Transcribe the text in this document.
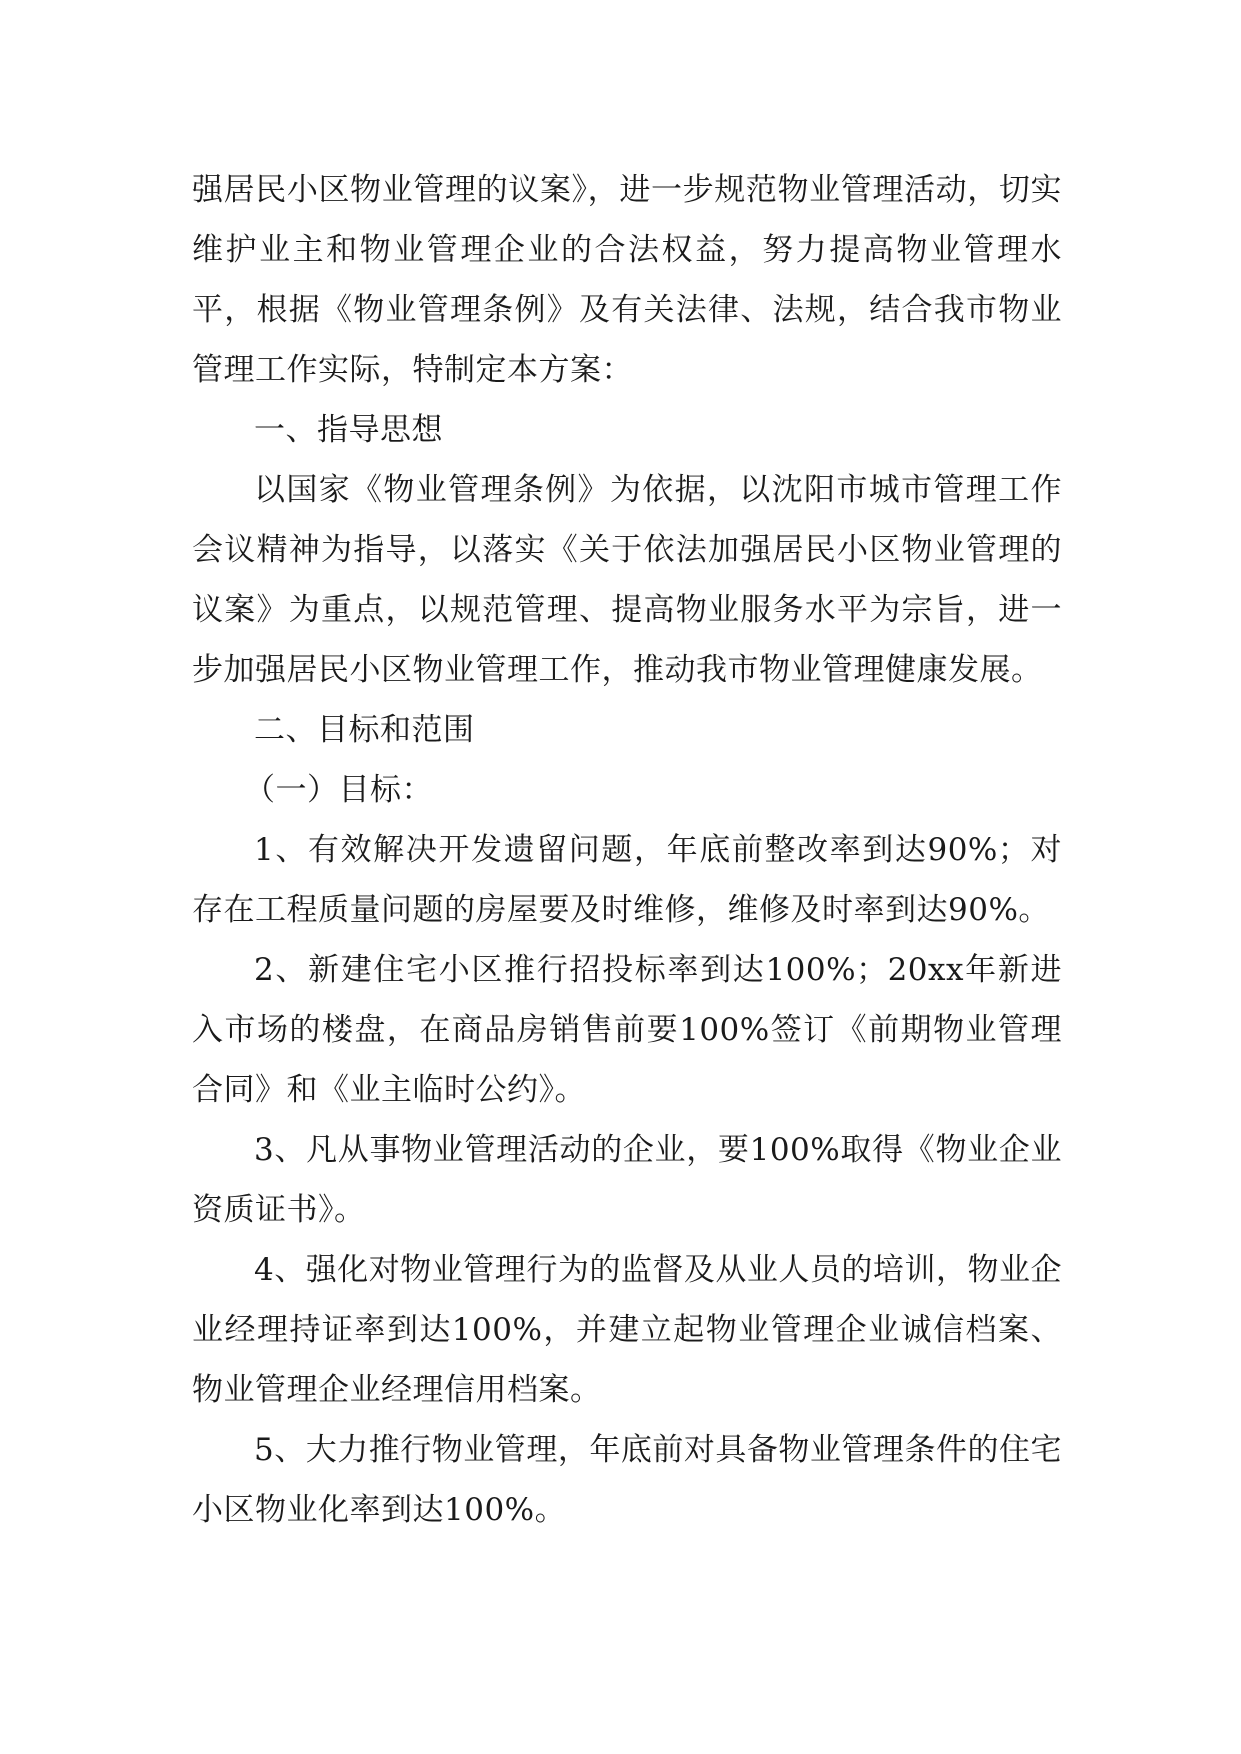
强居民小区物业管理的议案》，进一步规范物业管理活动，切实维护业主和物业管理企业的合法权益，努力提高物业管理水平，根据《物业管理条例》及有关法律、法规，结合我市物业管理工作实际，特制定本方案：

一、指导思想

以国家《物业管理条例》为依据，以沈阳市城市管理工作会议精神为指导，以落实《关于依法加强居民小区物业管理的议案》为重点，以规范管理、提高物业服务水平为宗旨，进一步加强居民小区物业管理工作，推动我市物业管理健康发展。

二、目标和范围

（一）目标：

1、有效解决开发遗留问题，年底前整改率到达90%；对存在工程质量问题的房屋要及时维修，维修及时率到达90%。

2、新建住宅小区推行招投标率到达100%；20xx年新进入市场的楼盘，在商品房销售前要100%签订《前期物业管理合同》和《业主临时公约》。

3、凡从事物业管理活动的企业，要100%取得《物业企业资质证书》。

4、强化对物业管理行为的监督及从业人员的培训，物业企业经理持证率到达100%，并建立起物业管理企业诚信档案、物业管理企业经理信用档案。

5、大力推行物业管理，年底前对具备物业管理条件的住宅小区物业化率到达100%。
